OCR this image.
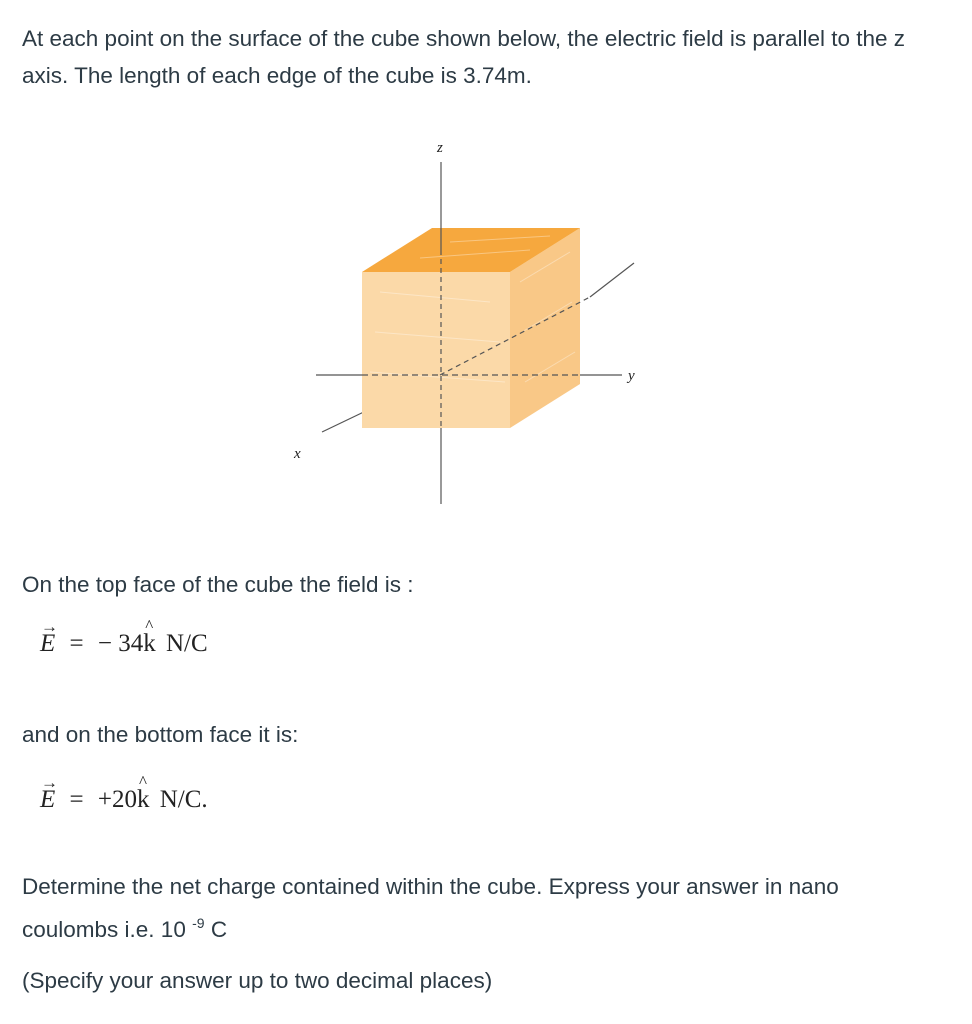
At each point on the surface of the cube shown below, the electric field is parallel to the z axis. The length of each edge of the cube is 3.74m.

z
y
x

On the top face of the cube the field is :

→
E = − 34
^
k N/C

and on the bottom face it is:

→
E = +20
^
k N/C.

Determine the net charge contained within the cube. Express your answer in nano

coulombs i.e. 10 $^{-9}$ C

(Specify your answer up to two decimal places)
